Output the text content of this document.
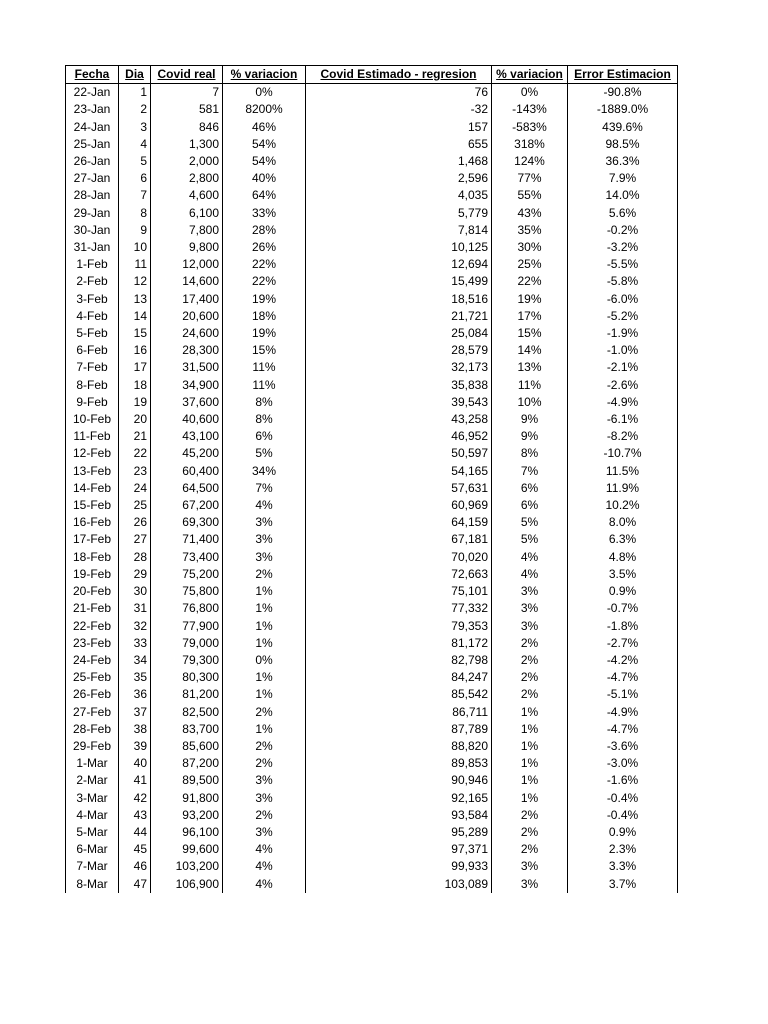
Fecha	Dia	Covid real	% variacion	Covid Estimado - regresion	% variacion	Error Estimacion
22-Jan	1	7	0%	76	0%	-90.8%
23-Jan	2	581	8200%	-32	-143%	-1889.0%
24-Jan	3	846	46%	157	-583%	439.6%
25-Jan	4	1,300	54%	655	318%	98.5%
26-Jan	5	2,000	54%	1,468	124%	36.3%
27-Jan	6	2,800	40%	2,596	77%	7.9%
28-Jan	7	4,600	64%	4,035	55%	14.0%
29-Jan	8	6,100	33%	5,779	43%	5.6%
30-Jan	9	7,800	28%	7,814	35%	-0.2%
31-Jan	10	9,800	26%	10,125	30%	-3.2%
1-Feb	11	12,000	22%	12,694	25%	-5.5%
2-Feb	12	14,600	22%	15,499	22%	-5.8%
3-Feb	13	17,400	19%	18,516	19%	-6.0%
4-Feb	14	20,600	18%	21,721	17%	-5.2%
5-Feb	15	24,600	19%	25,084	15%	-1.9%
6-Feb	16	28,300	15%	28,579	14%	-1.0%
7-Feb	17	31,500	11%	32,173	13%	-2.1%
8-Feb	18	34,900	11%	35,838	11%	-2.6%
9-Feb	19	37,600	8%	39,543	10%	-4.9%
10-Feb	20	40,600	8%	43,258	9%	-6.1%
11-Feb	21	43,100	6%	46,952	9%	-8.2%
12-Feb	22	45,200	5%	50,597	8%	-10.7%
13-Feb	23	60,400	34%	54,165	7%	11.5%
14-Feb	24	64,500	7%	57,631	6%	11.9%
15-Feb	25	67,200	4%	60,969	6%	10.2%
16-Feb	26	69,300	3%	64,159	5%	8.0%
17-Feb	27	71,400	3%	67,181	5%	6.3%
18-Feb	28	73,400	3%	70,020	4%	4.8%
19-Feb	29	75,200	2%	72,663	4%	3.5%
20-Feb	30	75,800	1%	75,101	3%	0.9%
21-Feb	31	76,800	1%	77,332	3%	-0.7%
22-Feb	32	77,900	1%	79,353	3%	-1.8%
23-Feb	33	79,000	1%	81,172	2%	-2.7%
24-Feb	34	79,300	0%	82,798	2%	-4.2%
25-Feb	35	80,300	1%	84,247	2%	-4.7%
26-Feb	36	81,200	1%	85,542	2%	-5.1%
27-Feb	37	82,500	2%	86,711	1%	-4.9%
28-Feb	38	83,700	1%	87,789	1%	-4.7%
29-Feb	39	85,600	2%	88,820	1%	-3.6%
1-Mar	40	87,200	2%	89,853	1%	-3.0%
2-Mar	41	89,500	3%	90,946	1%	-1.6%
3-Mar	42	91,800	3%	92,165	1%	-0.4%
4-Mar	43	93,200	2%	93,584	2%	-0.4%
5-Mar	44	96,100	3%	95,289	2%	0.9%
6-Mar	45	99,600	4%	97,371	2%	2.3%
7-Mar	46	103,200	4%	99,933	3%	3.3%
8-Mar	47	106,900	4%	103,089	3%	3.7%
